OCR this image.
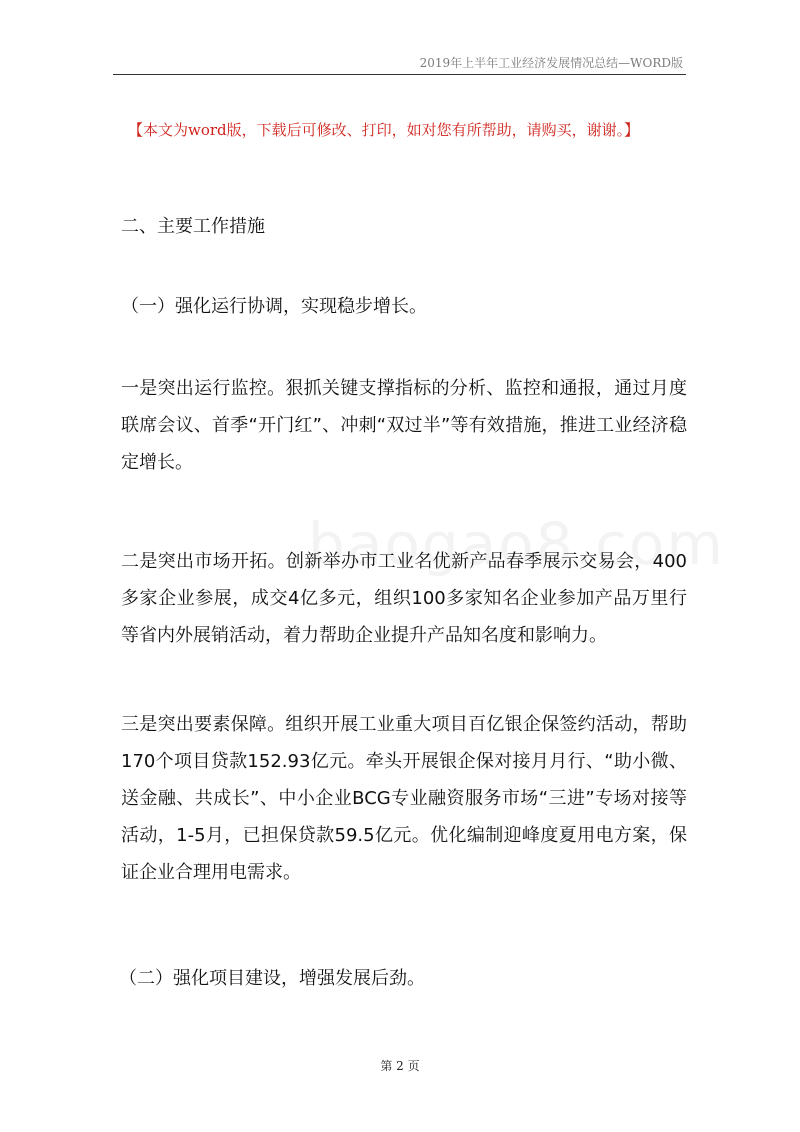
2019年上半年工业经济发展情况总结—WORD版
【本文为word版，下载后可修改、打印，如对您有所帮助，请购买，谢谢。】
二、主要工作措施
（一）强化运行协调，实现稳步增长。
一是突出运行监控。狠抓关键支撑指标的分析、监控和通报，通过月度联席会议、首季“开门红”、冲刺“双过半”等有效措施，推进工业经济稳定增长。
二是突出市场开拓。创新举办市工业名优新产品春季展示交易会，400多家企业参展，成交4亿多元，组织100多家知名企业参加产品万里行等省内外展销活动，着力帮助企业提升产品知名度和影响力。
三是突出要素保障。组织开展工业重大项目百亿银企保签约活动，帮助170个项目贷款152.93亿元。牵头开展银企保对接月月行、“助小微、送金融、共成长”、中小企业BCG专业融资服务市场“三进”专场对接等活动，1-5月，已担保贷款59.5亿元。优化编制迎峰度夏用电方案，保证企业合理用电需求。
（二）强化项目建设，增强发展后劲。
第 2 页
